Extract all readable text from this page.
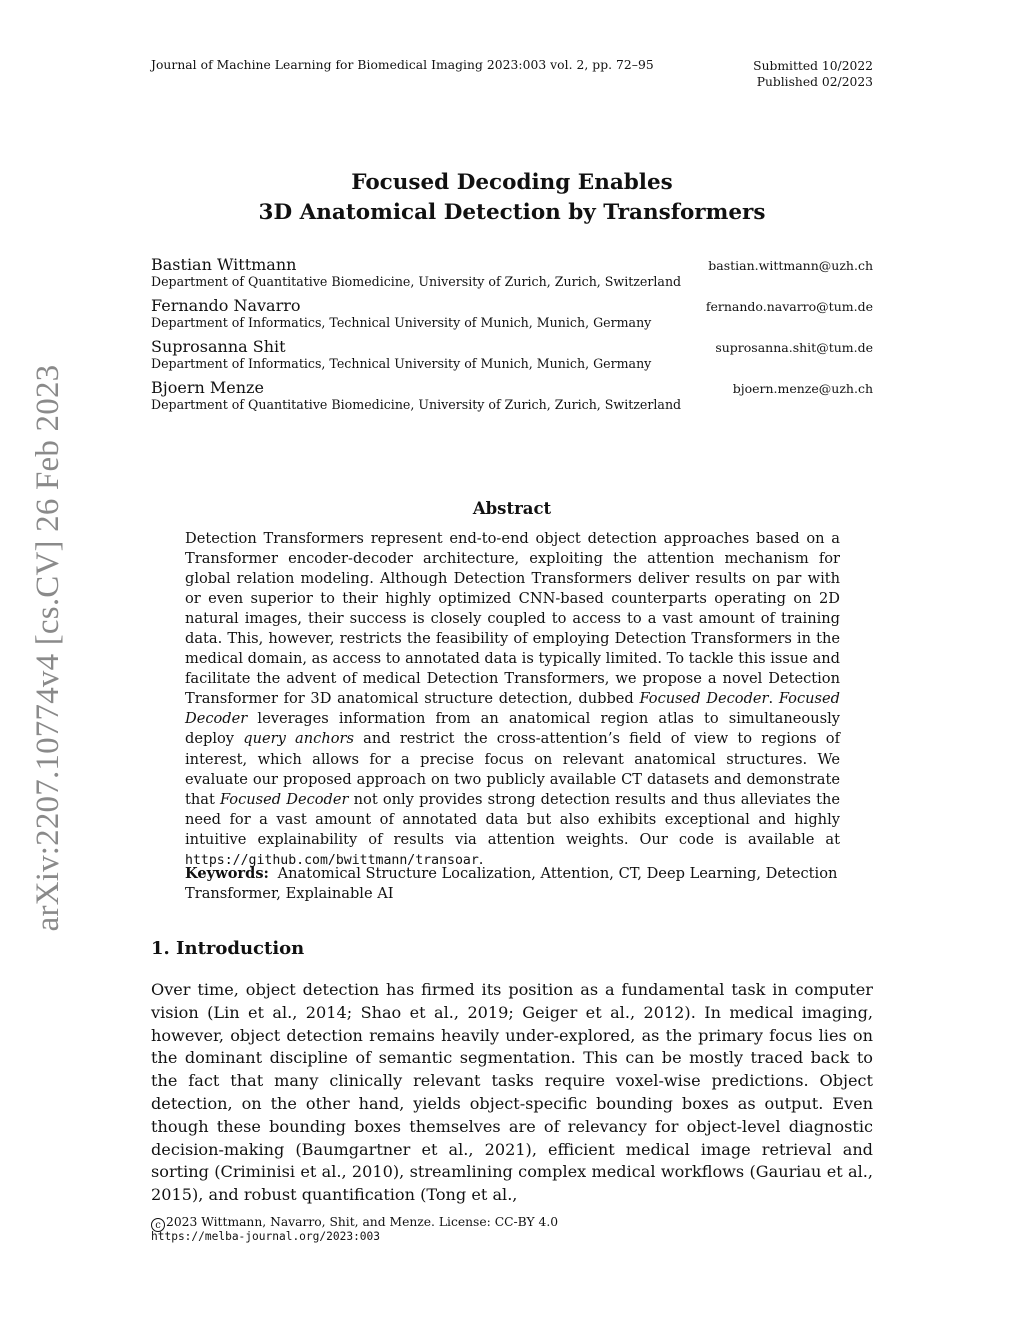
Journal of Machine Learning for Biomedical Imaging 2023:003 vol. 2, pp. 72–95	Submitted 10/2022
Published 02/2023
arXiv:2207.10774v4 [cs.CV] 26 Feb 2023
Focused Decoding Enables
3D Anatomical Detection by Transformers
Bastian Wittmann	bastian.wittmann@uzh.ch
Department of Quantitative Biomedicine, University of Zurich, Zurich, Switzerland
Fernando Navarro	fernando.navarro@tum.de
Department of Informatics, Technical University of Munich, Munich, Germany
Suprosanna Shit	suprosanna.shit@tum.de
Department of Informatics, Technical University of Munich, Munich, Germany
Bjoern Menze	bjoern.menze@uzh.ch
Department of Quantitative Biomedicine, University of Zurich, Zurich, Switzerland
Abstract
Detection Transformers represent end-to-end object detection approaches based on a Transformer encoder-decoder architecture, exploiting the attention mechanism for global relation modeling. Although Detection Transformers deliver results on par with or even superior to their highly optimized CNN-based counterparts operating on 2D natural images, their success is closely coupled to access to a vast amount of training data. This, however, restricts the feasibility of employing Detection Transformers in the medical domain, as access to annotated data is typically limited. To tackle this issue and facilitate the advent of medical Detection Transformers, we propose a novel Detection Transformer for 3D anatomical structure detection, dubbed Focused Decoder. Focused Decoder leverages information from an anatomical region atlas to simultaneously deploy query anchors and restrict the cross-attention’s field of view to regions of interest, which allows for a precise focus on relevant anatomical structures. We evaluate our proposed approach on two publicly available CT datasets and demonstrate that Focused Decoder not only provides strong detection results and thus alleviates the need for a vast amount of annotated data but also exhibits exceptional and highly intuitive explainability of results via attention weights. Our code is available at https://github.com/bwittmann/transoar.
Keywords: Anatomical Structure Localization, Attention, CT, Deep Learning, Detection Transformer, Explainable AI
1. Introduction
Over time, object detection has firmed its position as a fundamental task in computer vision (Lin et al., 2014; Shao et al., 2019; Geiger et al., 2012). In medical imaging, however, object detection remains heavily under-explored, as the primary focus lies on the dominant discipline of semantic segmentation. This can be mostly traced back to the fact that many clinically relevant tasks require voxel-wise predictions. Object detection, on the other hand, yields object-specific bounding boxes as output. Even though these bounding boxes themselves are of relevancy for object-level diagnostic decision-making (Baumgartner et al., 2021), efficient medical image retrieval and sorting (Criminisi et al., 2010), streamlining complex medical workflows (Gauriau et al., 2015), and robust quantification (Tong et al.,
c 2023 Wittmann, Navarro, Shit, and Menze. License: CC-BY 4.0
https://melba-journal.org/2023:003
